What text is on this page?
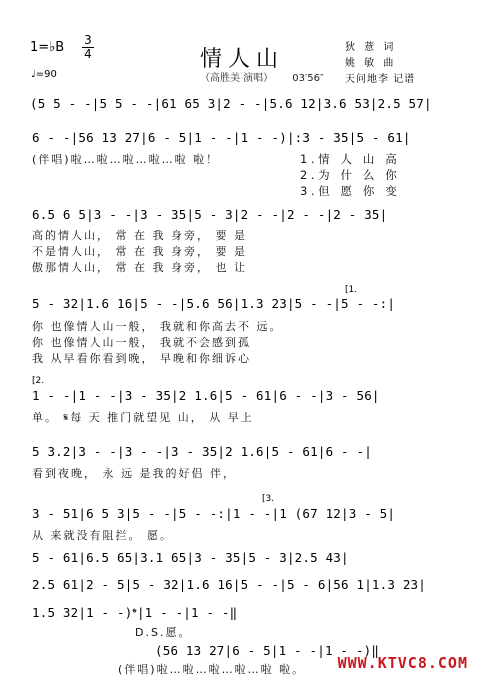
1=♭B 3
4
♩=90
情人山
（高胜美 演唱） 03′56″
狄 薏 词
姚 敏 曲
天问地李 记谱
(5 5 - -|5 5 - -|61 65 3|2 - -|5.6 12|3.6 53|2.5 57|
6 - -|56 13 27|6 - 5|1 - -|1 - -)|:3 - 35|5 - 61|
(伴唱)啦…啦…啦…啦…啦 啦！	1.情 人 山 高
2.为 什 么 你
3.但 愿 你 变
6.5 6 5|3 - -|3 - 35|5 - 3|2 - -|2 - -|2 - 35|
高的情人山， 常 在 我 身旁， 要 是
不是情人山， 常 在 我 身旁， 要 是
傲那情人山， 常 在 我 身旁， 也 让
[1.
5 - 32|1.6 16|5 - -|5.6 56|1.3 23|5 - -|5 - -:|
你 也像情人山一般， 我就和你高去不 远。
你 也像情人山一般， 我就不会感到孤
我 从早看你看到晚， 早晚和你细诉心
[2.
1 - -|1 - -|3 - 35|2 1.6|5 - 61|6 - -|3 - 56|
单。 𝄋每 天 推门就望见 山， 从 早上
5 3.2|3 - -|3 - -|3 - 35|2 1.6|5 - 61|6 - -|
看到夜晚， 永 远 是我的好侣 伴，
[3.
3 - 51|6 5 3|5 - -|5 - -:|1 - -|1 (67 12|3 - 5|
从 来就没有阻拦。 愿。
5 - 61|6.5 65|3.1 65|3 - 35|5 - 3|2.5 43|
2.5 61|2 - 5|5 - 32|1.6 16|5 - -|5 - 6|56 1|1.3 23|
1.5 32|1 - -)𝄌|1 - -|1 - -‖
D.S.愿。
(56 13 27|6 - 5|1 - -|1 - -)‖
(伴唱)啦…啦…啦…啦…啦 啦。 WWW.KTVC8.COM
